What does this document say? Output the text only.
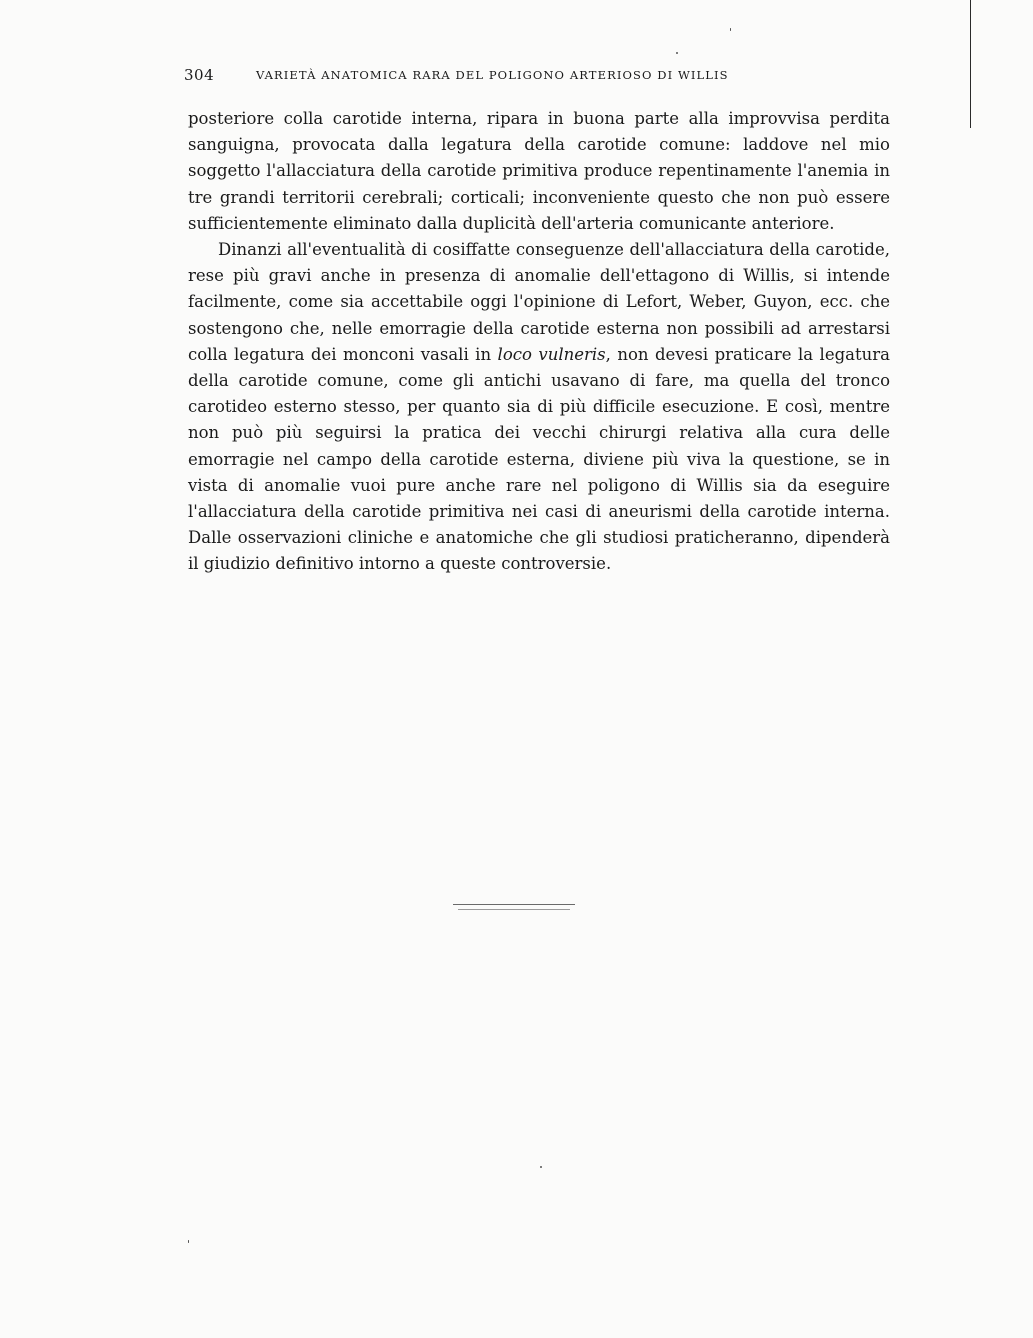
304	VARIETÀ ANATOMICA RARA DEL POLIGONO ARTERIOSO DI WILLIS

posteriore colla carotide interna, ripara in buona parte alla improvvisa perdita sanguigna, provocata dalla legatura della carotide comune: laddove nel mio soggetto l'allacciatura della carotide primitiva produce repentinamente l'anemia in tre grandi territorii cerebrali; corticali; inconveniente questo che non può essere sufficientemente eliminato dalla duplicità dell'arteria comunicante anteriore.

Dinanzi all'eventualità di cosiffatte conseguenze dell'allacciatura della carotide, rese più gravi anche in presenza di anomalie dell'ettagono di Willis, si intende facilmente, come sia accettabile oggi l'opinione di Lefort, Weber, Guyon, ecc. che sostengono che, nelle emorragie della carotide esterna non possibili ad arrestarsi colla legatura dei monconi vasali in loco vulneris, non devesi praticare la legatura della carotide comune, come gli antichi usavano di fare, ma quella del tronco carotideo esterno stesso, per quanto sia di più difficile esecuzione. E così, mentre non può più seguirsi la pratica dei vecchi chirurgi relativa alla cura delle emorragie nel campo della carotide esterna, diviene più viva la questione, se in vista di anomalie vuoi pure anche rare nel poligono di Willis sia da eseguire l'allacciatura della carotide primitiva nei casi di aneurismi della carotide interna. Dalle osservazioni cliniche e anatomiche che gli studiosi praticheranno, dipenderà il giudizio definitivo intorno a queste controversie.
